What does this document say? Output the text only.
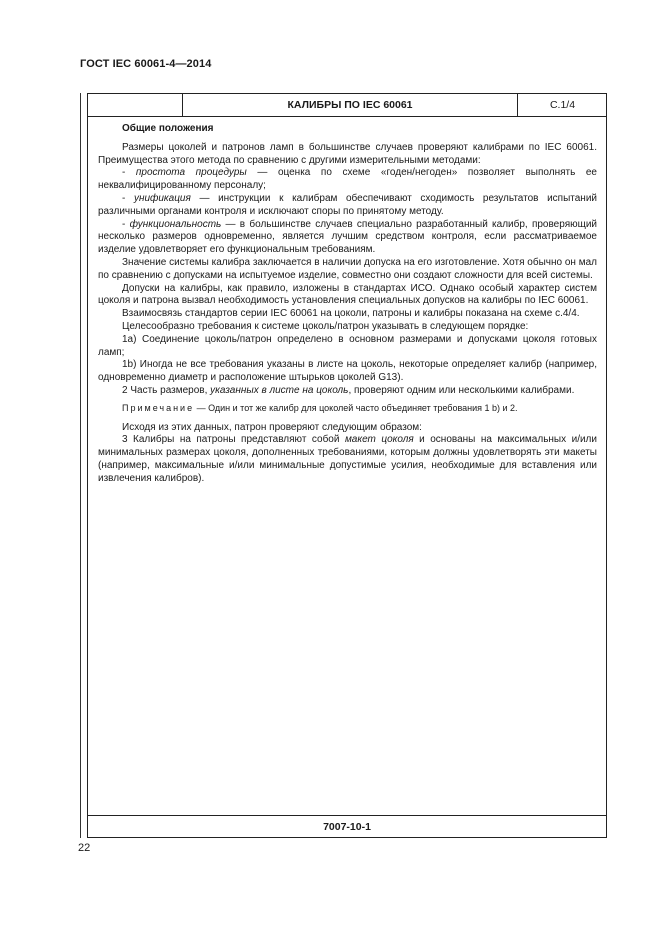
ГОСТ IEC 60061-4—2014
КАЛИБРЫ ПО IEC 60061	С.1/4

Общие положения

Размеры цоколей и патронов ламп в большинстве случаев проверяют калибрами по IEC 60061. Преимущества этого метода по сравнению с другими измерительными методами:

- простота процедуры — оценка по схеме «годен/негоден» позволяет выполнять ее неквалифицированному персоналу;

- унификация — инструкции к калибрам обеспечивают сходимость результатов испытаний различными органами контроля и исключают споры по принятому методу.

- функциональность — в большинстве случаев специально разработанный калибр, проверяющий несколько размеров одновременно, является лучшим средством контроля, если рассматриваемое изделие удовлетворяет его функциональным требованиям.

Значение системы калибра заключается в наличии допуска на его изготовление. Хотя обычно он мал по сравнению с допусками на испытуемое изделие, совместно они создают сложности для всей системы.

Допуски на калибры, как правило, изложены в стандартах ИСО. Однако особый характер систем цоколя и патрона вызвал необходимость установления специальных допусков на калибры по IEC 60061.

Взаимосвязь стандартов серии IEC 60061 на цоколи, патроны и калибры показана на схеме с.4/4.

Целесообразно требования к системе цоколь/патрон указывать в следующем порядке:

1a) Соединение цоколь/патрон определено в основном размерами и допусками цоколя готовых ламп;

1b) Иногда не все требования указаны в листе на цоколь, некоторые определяет калибр (например, одновременно диаметр и расположение штырьков цоколей G13).

2 Часть размеров, указанных в листе на цоколь, проверяют одним или несколькими калибрами.

Примечание — Один и тот же калибр для цоколей часто объединяет требования 1 b) и 2.

Исходя из этих данных, патрон проверяют следующим образом:

3 Калибры на патроны представляют собой макет цоколя и основаны на максимальных и/или минимальных размерах цоколя, дополненных требованиями, которым должны удовлетворять эти макеты (например, максимальные и/или минимальные допустимые усилия, необходимые для вставления или извлечения калибров).

7007-10-1
22
